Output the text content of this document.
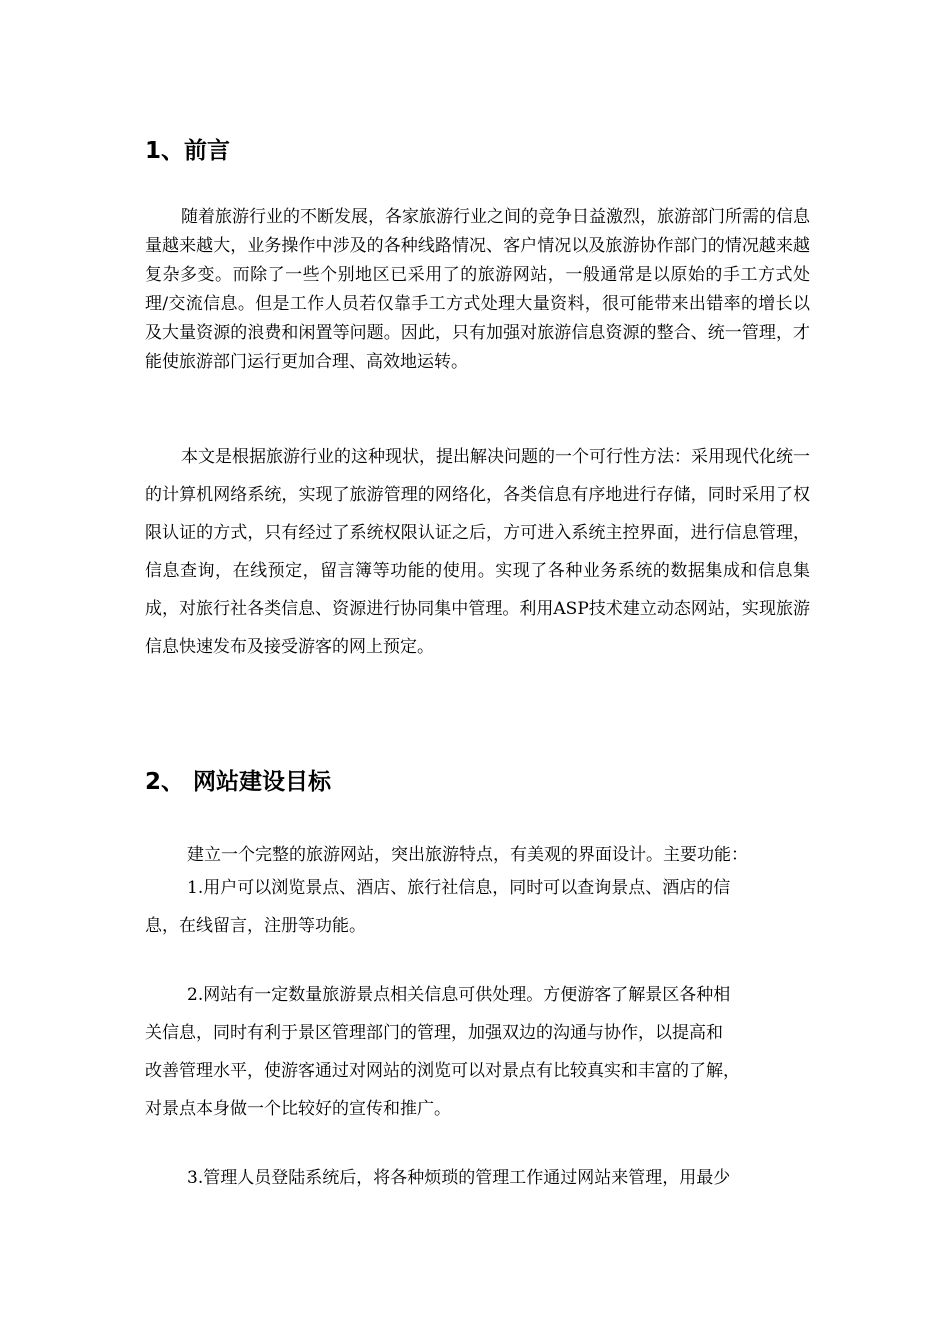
1、前言

随着旅游行业的不断发展，各家旅游行业之间的竞争日益激烈，旅游部门所需的信息量越来越大，业务操作中涉及的各种线路情况、客户情况以及旅游协作部门的情况越来越复杂多变。而除了一些个别地区已采用了的旅游网站，一般通常是以原始的手工方式处理/交流信息。但是工作人员若仅靠手工方式处理大量资料，很可能带来出错率的增长以及大量资源的浪费和闲置等问题。因此，只有加强对旅游信息资源的整合、统一管理，才能使旅游部门运行更加合理、高效地运转。

本文是根据旅游行业的这种现状，提出解决问题的一个可行性方法：采用现代化统一的计算机网络系统，实现了旅游管理的网络化，各类信息有序地进行存储，同时采用了权限认证的方式，只有经过了系统权限认证之后，方可进入系统主控界面，进行信息管理，信息查询，在线预定，留言簿等功能的使用。实现了各种业务系统的数据集成和信息集成，对旅行社各类信息、资源进行协同集中管理。利用ASP技术建立动态网站，实现旅游信息快速发布及接受游客的网上预定。

2、 网站建设目标
建立一个完整的旅游网站，突出旅游特点，有美观的界面设计。主要功能：
1.用户可以浏览景点、酒店、旅行社信息，同时可以查询景点、酒店的信
息，在线留言，注册等功能。
2.网站有一定数量旅游景点相关信息可供处理。方便游客了解景区各种相
关信息，同时有利于景区管理部门的管理，加强双边的沟通与协作，以提高和
改善管理水平，使游客通过对网站的浏览可以对景点有比较真实和丰富的了解，
对景点本身做一个比较好的宣传和推广。
3.管理人员登陆系统后，将各种烦琐的管理工作通过网站来管理，用最少
